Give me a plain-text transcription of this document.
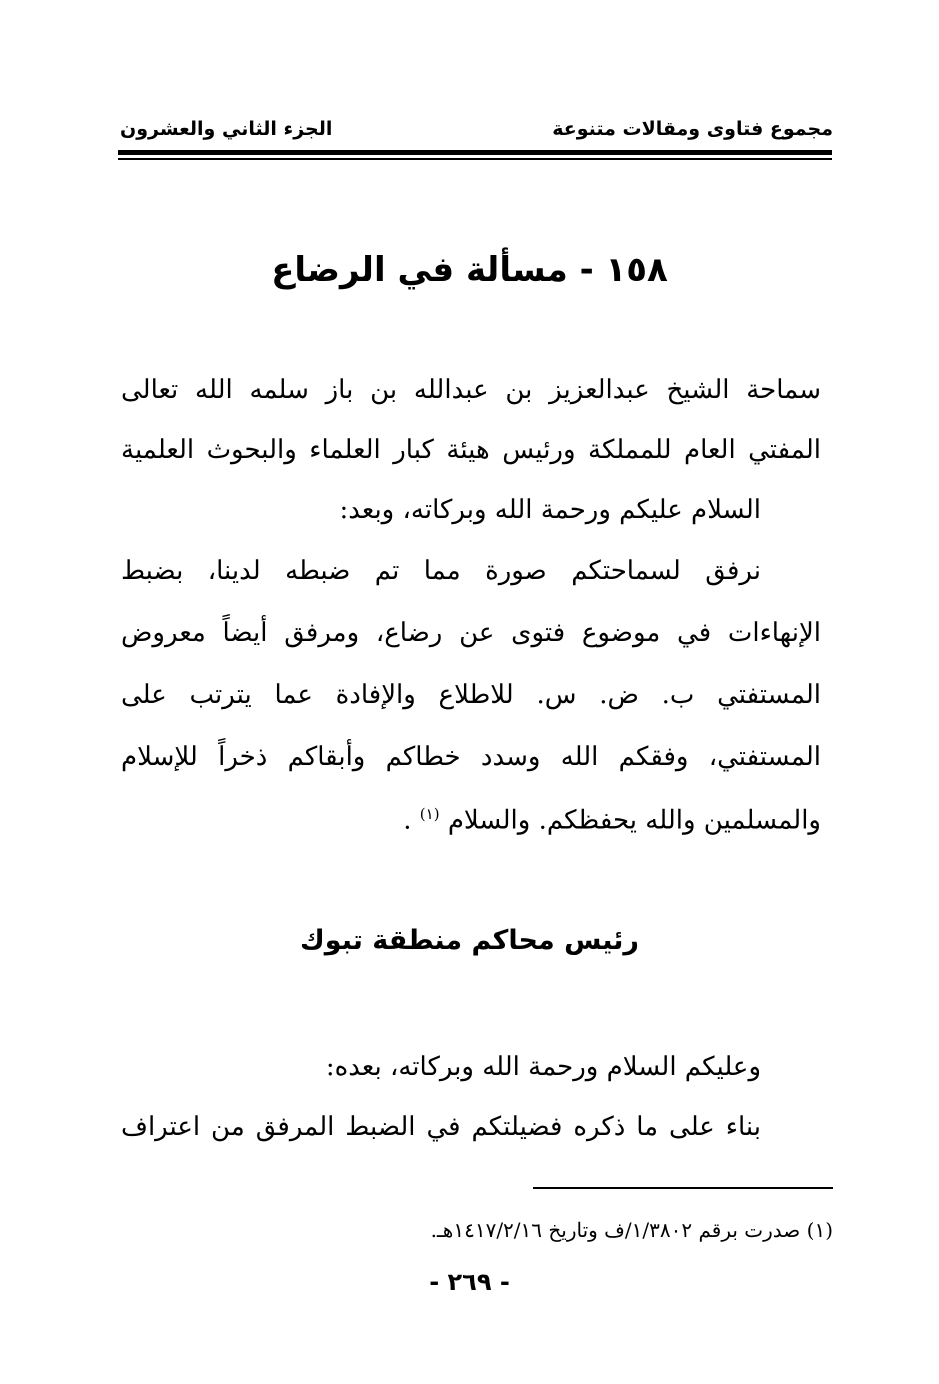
مجموع فتاوى ومقالات متنوعة
الجزء الثاني والعشرون
١٥٨ - مسألة في الرضاع
سماحة الشيخ عبدالعزيز بن عبدالله بن باز سلمه الله تعالى
المفتي العام للمملكة ورئيس هيئة كبار العلماء والبحوث العلمية
السلام عليكم ورحمة الله وبركاته، وبعد:
نرفق لسماحتكم صورة مما تم ضبطه لدينا، بضبط
الإنهاءات في موضوع فتوى عن رضاع، ومرفق أيضاً معروض
المستفتي ب. ض. س. للاطلاع والإفادة عما يترتب على
المستفتي، وفقكم الله وسدد خطاكم وأبقاكم ذخراً للإسلام
والمسلمين والله يحفظكم. والسلام $^{(١)}$ .
رئيس محاكم منطقة تبوك
وعليكم السلام ورحمة الله وبركاته، بعده:
بناء على ما ذكره فضيلتكم في الضبط المرفق من اعتراف
(١) صدرت برقم ١/٣٨٠٢/ف وتاريخ ١٤١٧/٢/١٦هـ.
- ٢٦٩ -
